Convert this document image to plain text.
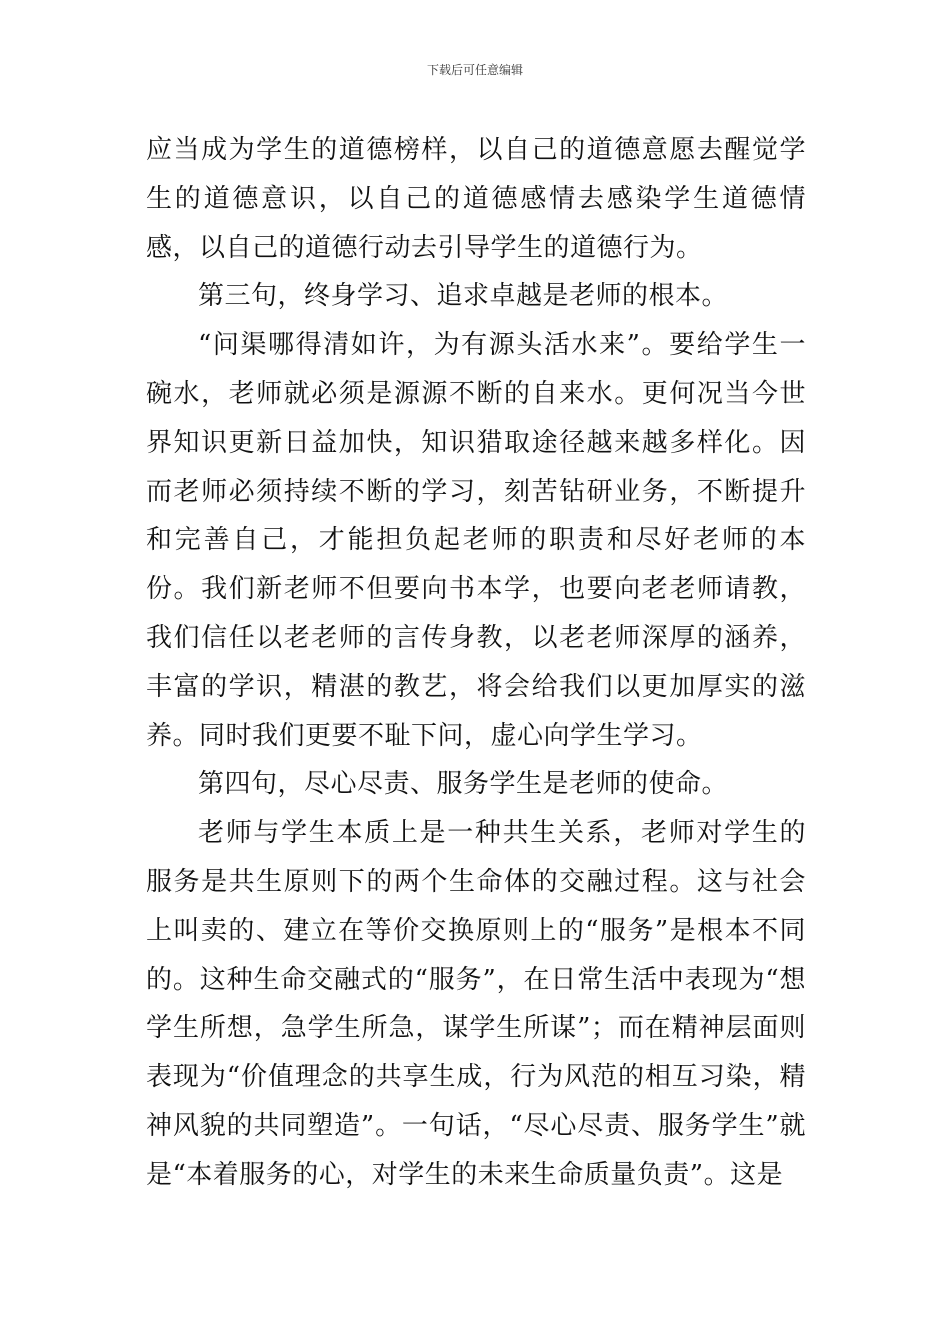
下载后可任意编辑

应当成为学生的道德榜样，以自己的道德意愿去醒觉学生的道德意识，以自己的道德感情去感染学生道德情感，以自己的道德行动去引导学生的道德行为。

第三句，终身学习、追求卓越是老师的根本。

“问渠哪得清如许，为有源头活水来”。要给学生一碗水，老师就必须是源源不断的自来水。更何况当今世界知识更新日益加快，知识猎取途径越来越多样化。因而老师必须持续不断的学习，刻苦钻研业务，不断提升和完善自己，才能担负起老师的职责和尽好老师的本份。我们新老师不但要向书本学，也要向老老师请教，我们信任以老老师的言传身教，以老老师深厚的涵养，丰富的学识，精湛的教艺，将会给我们以更加厚实的滋养。同时我们更要不耻下问，虚心向学生学习。

第四句，尽心尽责、服务学生是老师的使命。

老师与学生本质上是一种共生关系，老师对学生的服务是共生原则下的两个生命体的交融过程。这与社会上叫卖的、建立在等价交换原则上的“服务”是根本不同的。这种生命交融式的“服务”，在日常生活中表现为“想学生所想，急学生所急，谋学生所谋”；而在精神层面则表现为“价值理念的共享生成，行为风范的相互习染，精神风貌的共同塑造”。一句话，“尽心尽责、服务学生”就是“本着服务的心，对学生的未来生命质量负责”。这是
